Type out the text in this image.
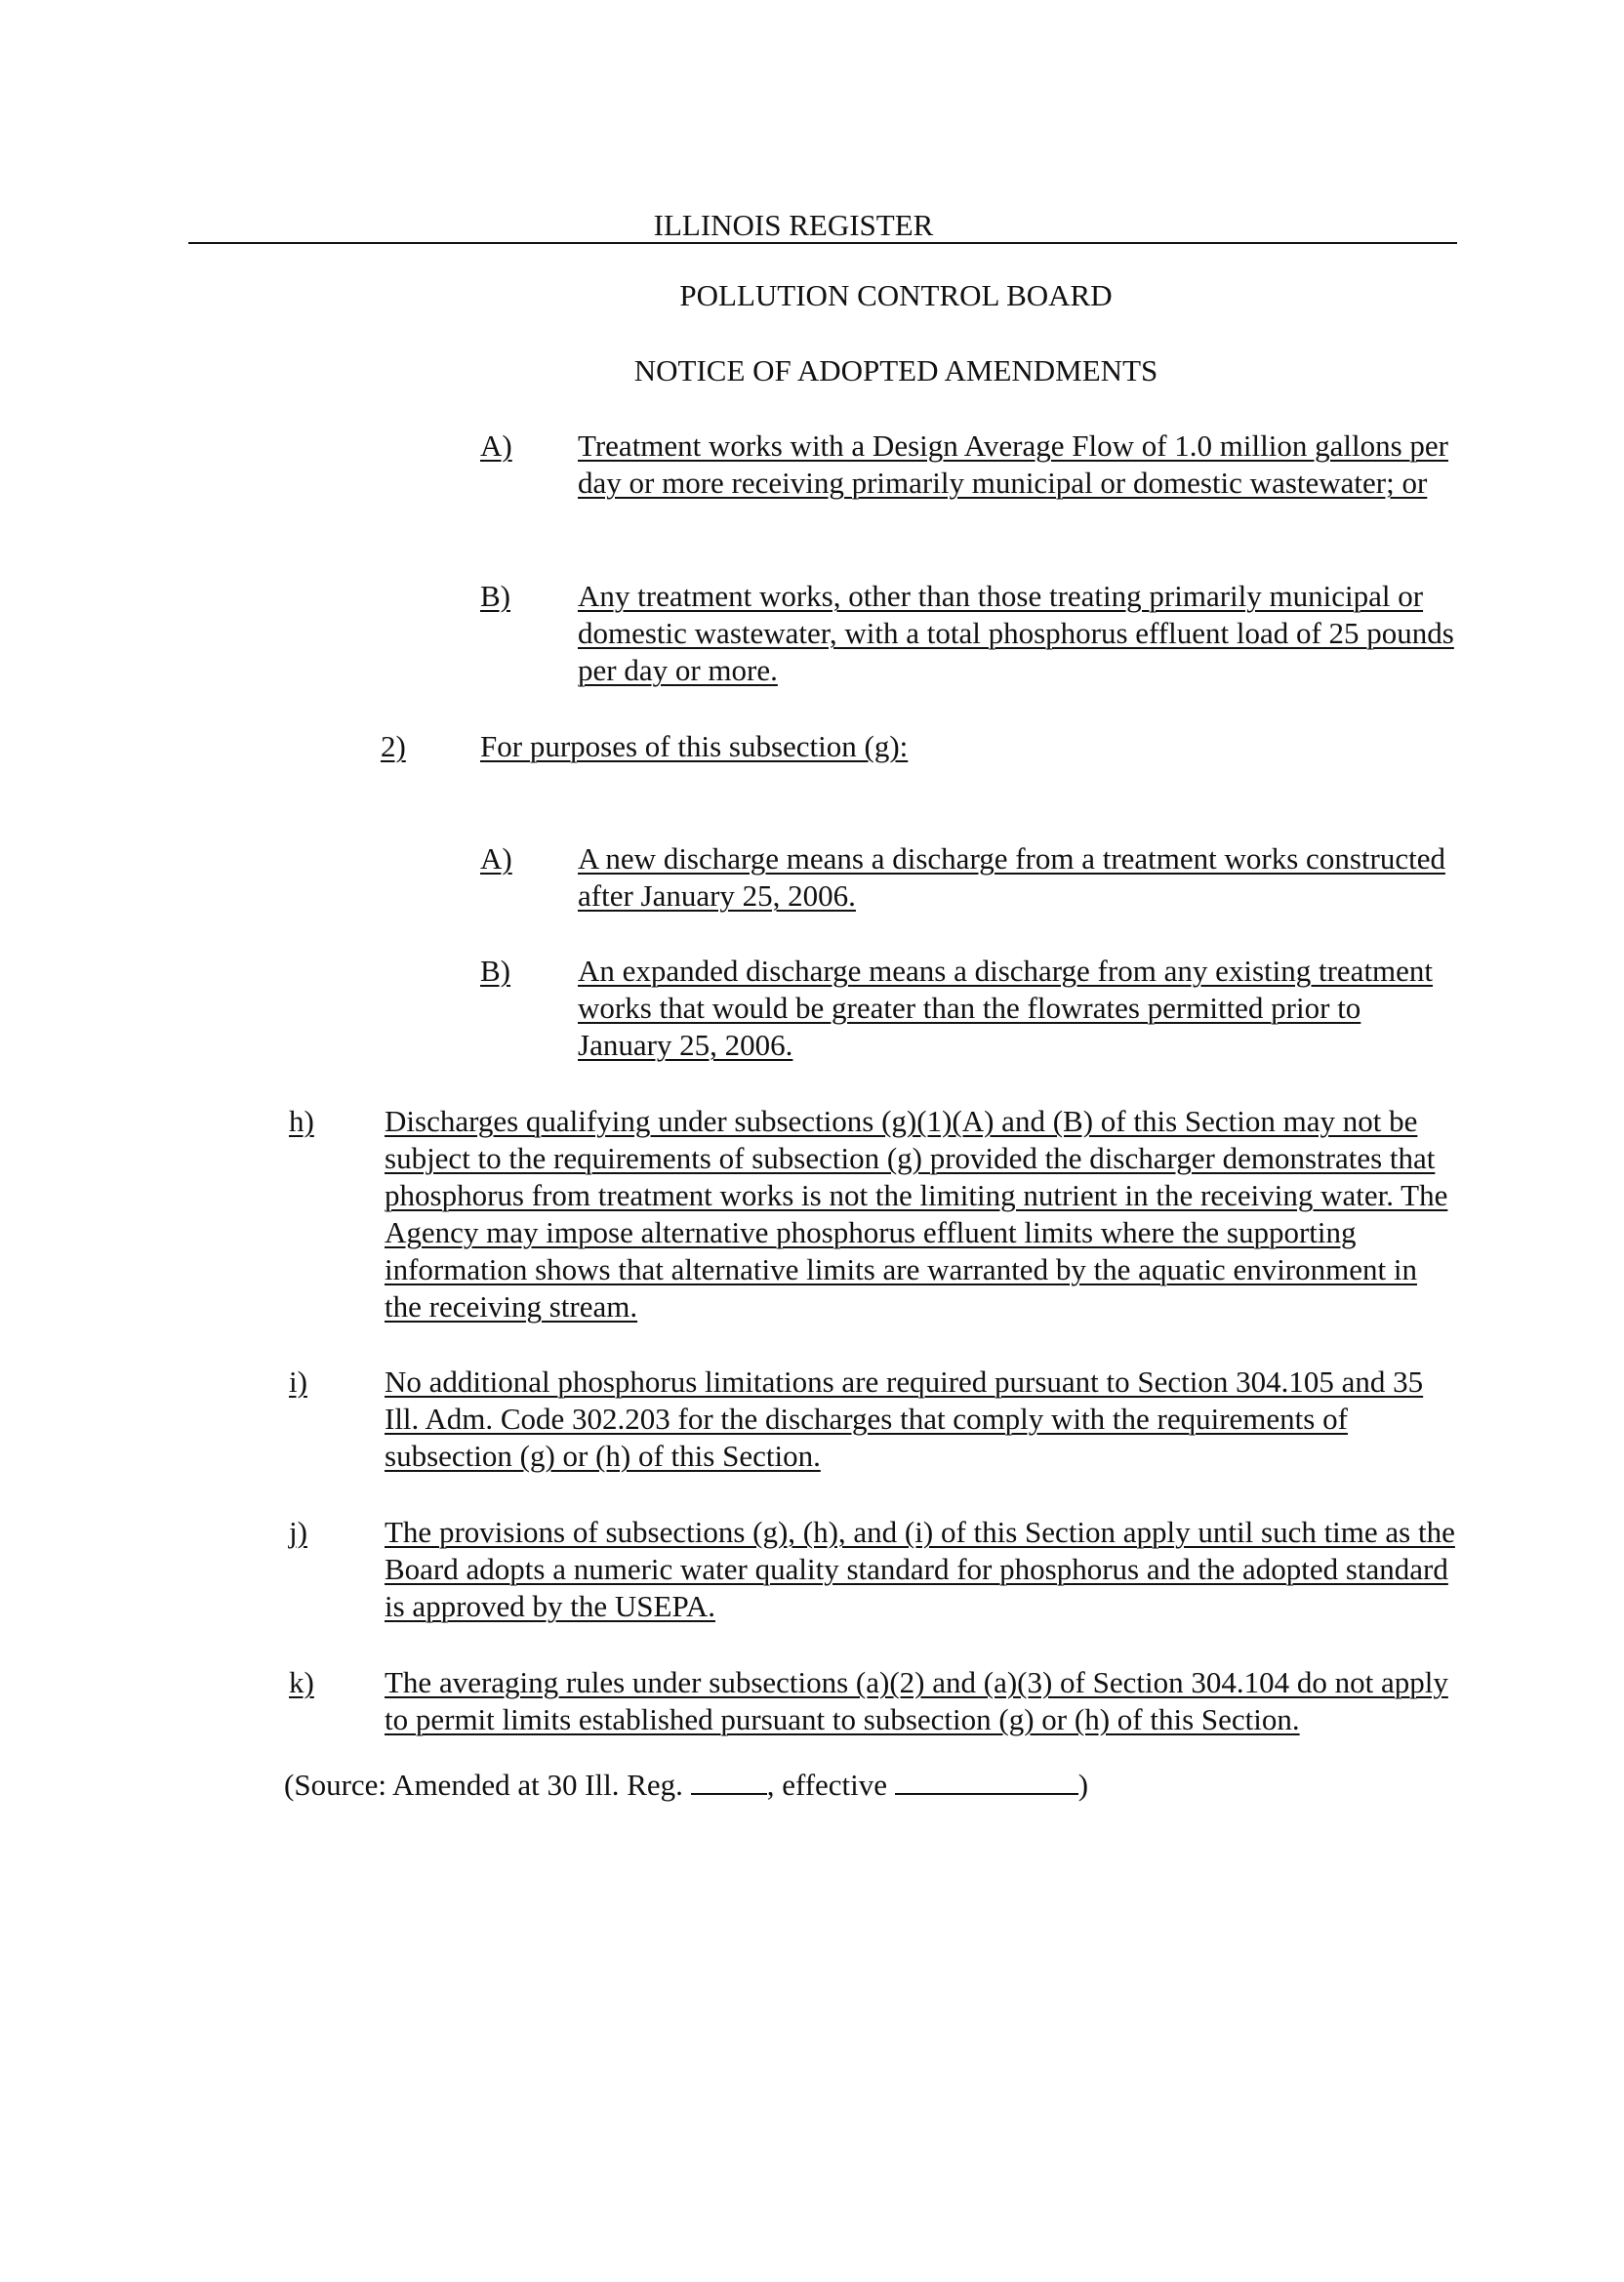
ILLINOIS REGISTER
POLLUTION CONTROL BOARD
NOTICE OF ADOPTED AMENDMENTS
A) Treatment works with a Design Average Flow of 1.0 million gallons per day or more receiving primarily municipal or domestic wastewater; or
B) Any treatment works, other than those treating primarily municipal or domestic wastewater, with a total phosphorus effluent load of 25 pounds per day or more.
2) For purposes of this subsection (g):
A) A new discharge means a discharge from a treatment works constructed after January 25, 2006.
B) An expanded discharge means a discharge from any existing treatment works that would be greater than the flowrates permitted prior to January 25, 2006.
h) Discharges qualifying under subsections (g)(1)(A) and (B) of this Section may not be subject to the requirements of subsection (g) provided the discharger demonstrates that phosphorus from treatment works is not the limiting nutrient in the receiving water. The Agency may impose alternative phosphorus effluent limits where the supporting information shows that alternative limits are warranted by the aquatic environment in the receiving stream.
i)	No additional phosphorus limitations are required pursuant to Section 304.105 and 35 Ill. Adm. Code 302.203 for the discharges that comply with the requirements of subsection (g) or (h) of this Section.
j)	The provisions of subsections (g), (h), and (i) of this Section apply until such time as the Board adopts a numeric water quality standard for phosphorus and the adopted standard is approved by the USEPA.
k) The averaging rules under subsections (a)(2) and (a)(3) of Section 304.104 do not apply to permit limits established pursuant to subsection (g) or (h) of this Section.
(Source: Amended at 30 Ill. Reg.	, effective	)
